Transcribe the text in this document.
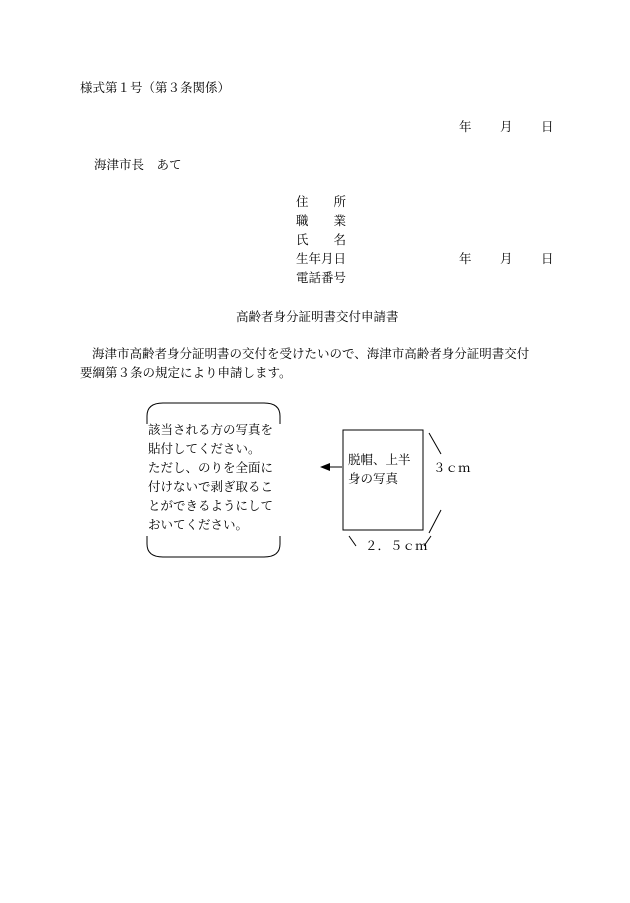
様式第１号（第３条関係）
年 月 日
海津市長　あて
住　　所
職　　業
氏　　名
生年月日	年 月 日
電話番号
高齢者身分証明書交付申請書
海津市高齢者身分証明書の交付を受けたいので、海津市高齢者身分証明書交付
要綱第３条の規定により申請します。
該当される方の写真を
貼付してください。
ただし、のりを全面に
付けないで剥ぎ取るこ
とができるようにして
おいてください。
脱帽、上半
身の写真
３ｃｍ
２．５ｃｍ
